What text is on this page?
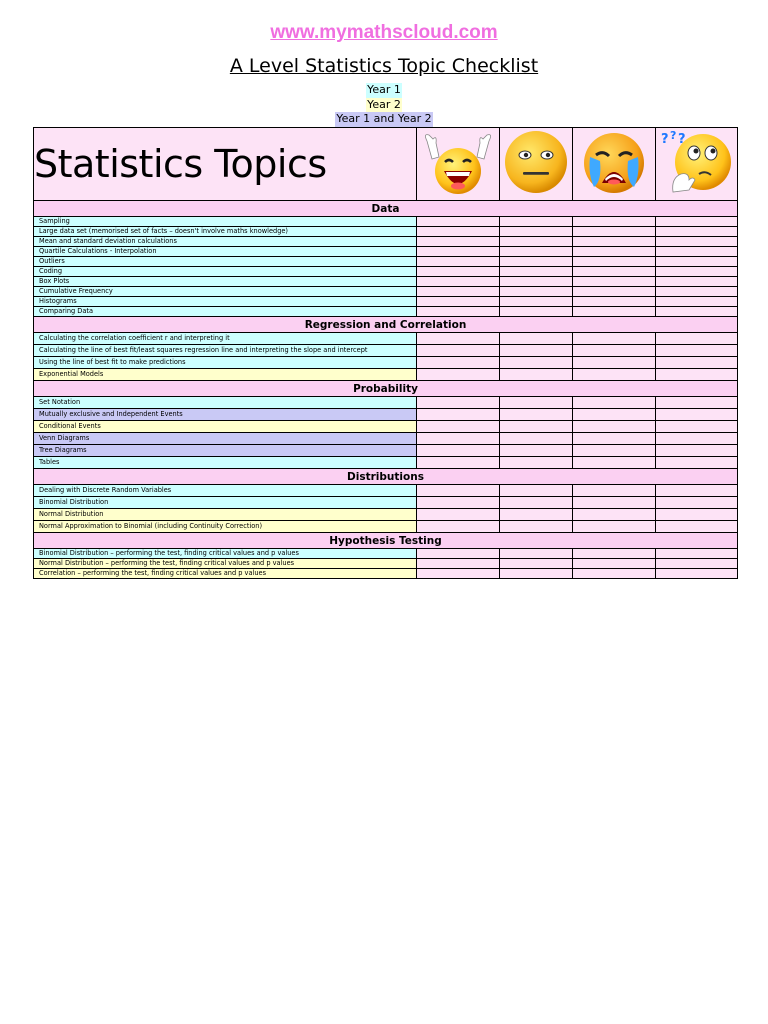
www.mymathscloud.com
A Level Statistics Topic Checklist
Year 1
Year 2
Year 1 and Year 2
Statistics Topics				? ? ?

Data				
Sampling				
Large data set (memorised set of facts – doesn't involve maths knowledge)				
Mean and standard deviation calculations				
Quartile Calculations - Interpolation				
Outliers				
Coding				
Box Plots				
Cumulative Frequency				
Histograms				
Comparing Data				
Regression and Correlation				
Calculating the correlation coefficient r and interpreting it				
Calculating the line of best fit/least squares regression line and interpreting the slope and intercept				
Using the line of best fit to make predictions				
Exponential Models				
Probability				
Set Notation				
Mutually exclusive and Independent Events				
Conditional Events				
Venn Diagrams				
Tree Diagrams				
Tables				
Distributions				
Dealing with Discrete Random Variables				
Binomial Distribution				
Normal Distribution				
Normal Approximation to Binomial (including Continuity Correction)				
Hypothesis Testing				
Binomial Distribution – performing the test, finding critical values and p values				
Normal Distribution – performing the test, finding critical values and p values				
Correlation – performing the test, finding critical values and p values				
